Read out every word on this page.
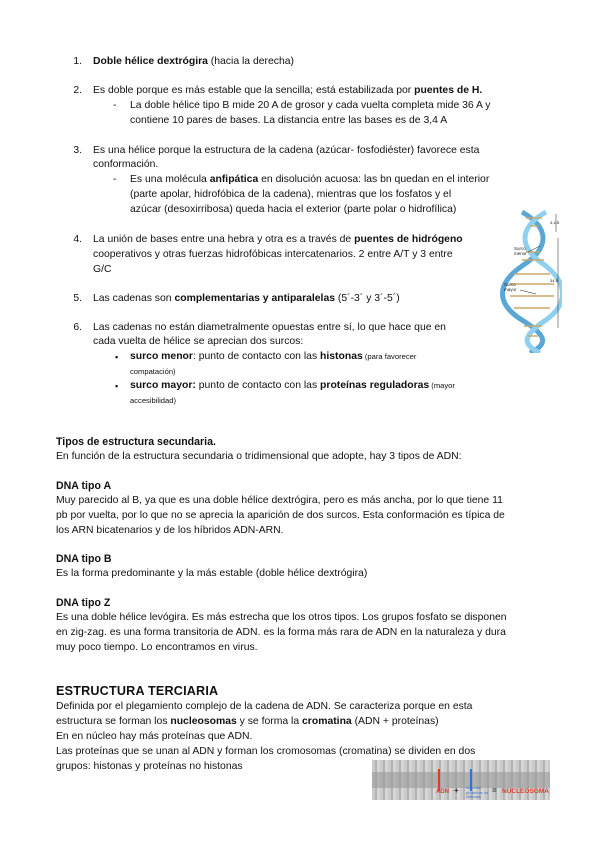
1. Doble hélice dextrógira (hacia la derecha)
2. Es doble porque es más estable que la sencilla; está estabilizada por puentes de H.
- La doble hélice tipo B mide 20 A de grosor y cada vuelta completa mide 36 A y
contiene 10 pares de bases. La distancia entre las bases es de 3,4 A
3. Es una hélice porque la estructura de la cadena (azúcar- fosfodiéster) favorece esta
conformación.
- Es una molécula anfipática en disolución acuosa: las bn quedan en el interior
(parte apolar, hidrofóbica de la cadena), mientras que los fosfatos y el
azúcar (desoxirribosa) queda hacia el exterior (parte polar o hidrofílica)
4. La unión de bases entre una hebra y otra es a través de puentes de hidrógeno
cooperativos y otras fuerzas hidrofóbicas intercatenarios. 2 entre A/T y 3 entre
G/C
5. Las cadenas son complementarias y antiparalelas (5´-3´ y 3´-5´)
6. Las cadenas no están diametralmente opuestas entre sí, lo que hace que en
cada vuelta de hélice se aprecian dos surcos:
▪ surco menor: punto de contacto con las histonas (para favorecer
compatación)
▪ surco mayor: punto de contacto con las proteínas reguladoras (mayor
accesibilidad)
Surco
menor
Surco
mayor
3,4 Å
34 Å
Tipos de estructura secundaria.
En función de la estructura secundaria o tridimensional que adopte, hay 3 tipos de ADN:
DNA tipo A
Muy parecido al B, ya que es una doble hélice dextrógira, pero es más ancha, por lo que tiene 11
pb por vuelta, por lo que no se aprecia la aparición de dos surcos. Esta conformación es típica de
los ARN bicatenarios y de los híbridos ADN-ARN.
DNA tipo B
Es la forma predominante y la más estable (doble hélice dextrógira)
DNA tipo Z
Es una doble hélice levógira. Es más estrecha que los otros tipos. Los grupos fosfato se disponen
en zig-zag. es una forma transitoria de ADN. es la forma más rara de ADN en la naturaleza y dura
muy poco tiempo. Lo encontramos en virus.
ESTRUCTURA TERCIARIA
Definida por el plegamiento complejo de la cadena de ADN. Se caracteriza porque en esta
estructura se forman los nucleosomas y se forma la cromatina (ADN + proteínas)
En en núcleo hay más proteínas que ADN.
Las proteínas que se unan al ADN y forman los cromosomas (cromatina) se dividen en dos
grupos: histonas y proteínas no histonas
ADN + histonas
proteínas no
histonas
= NUCLEOSOMA
